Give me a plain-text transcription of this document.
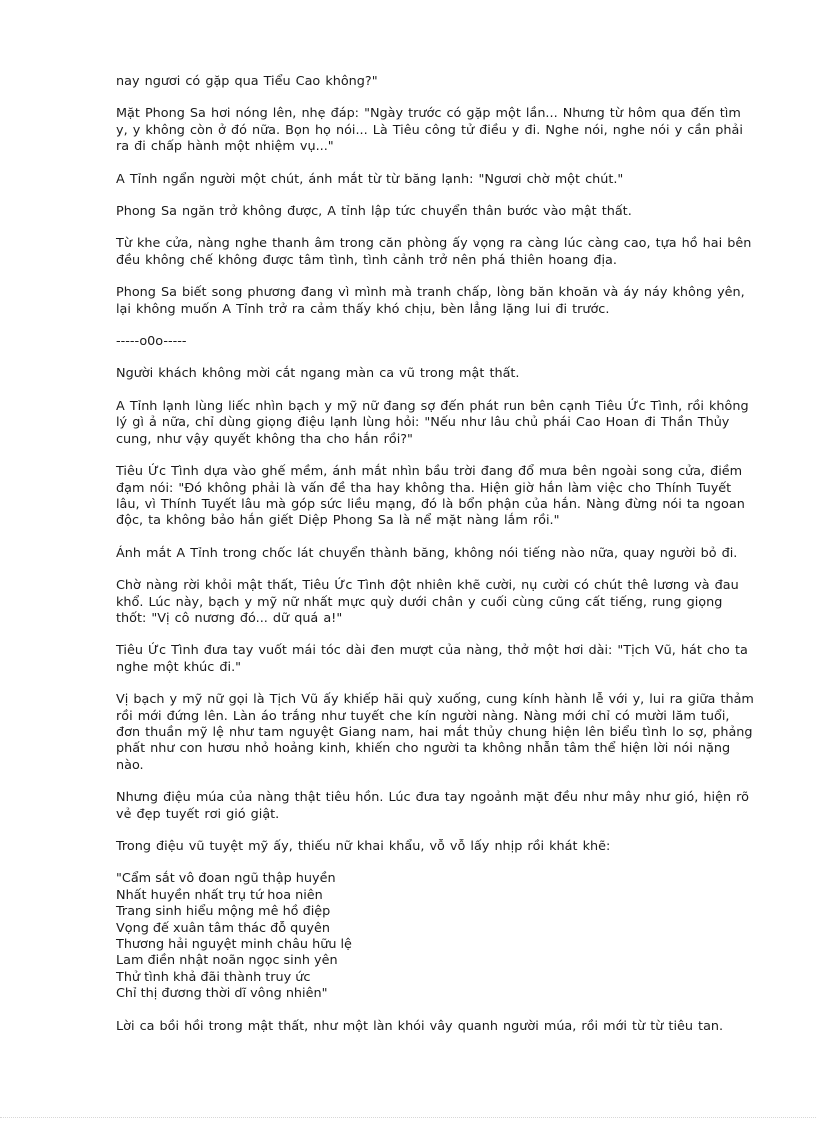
nay ngươi có gặp qua Tiểu Cao không?"

Mặt Phong Sa hơi nóng lên, nhẹ đáp: "Ngày trước có gặp một lần... Nhưng từ hôm qua đến tìm y, y không còn ở đó nữa. Bọn họ nói... Là Tiêu công tử điều y đi. Nghe nói, nghe nói y cần phải ra đi chấp hành một nhiệm vụ..."

A Tỉnh ngẩn người một chút, ánh mắt từ từ băng lạnh: "Ngươi chờ một chút."

Phong Sa ngăn trở không được, A tỉnh lập tức chuyển thân bước vào mật thất.

Từ khe cửa, nàng nghe thanh âm trong căn phòng ấy vọng ra càng lúc càng cao, tựa hồ hai bên đều không chế không được tâm tình, tình cảnh trở nên phá thiên hoang địa.

Phong Sa biết song phương đang vì mình mà tranh chấp, lòng băn khoăn và áy náy không yên, lại không muốn A Tỉnh trở ra cảm thấy khó chịu, bèn lẳng lặng lui đi trước.

-----o0o-----

Người khách không mời cắt ngang màn ca vũ trong mật thất.

A Tỉnh lạnh lùng liếc nhìn bạch y mỹ nữ đang sợ đến phát run bên cạnh Tiêu Ức Tình, rồi không lý gì ả nữa, chỉ dùng giọng điệu lạnh lùng hỏi: "Nếu như lâu chủ phái Cao Hoan đi Thần Thủy cung, như vậy quyết không tha cho hắn rồi?"

Tiêu Ức Tình dựa vào ghế mềm, ánh mắt nhìn bầu trời đang đổ mưa bên ngoài song cửa, điềm đạm nói: "Đó không phải là vấn đề tha hay không tha. Hiện giờ hắn làm việc cho Thính Tuyết lâu, vì Thính Tuyết lâu mà góp sức liều mạng, đó là bổn phận của hắn. Nàng đừng nói ta ngoan độc, ta không bảo hắn giết Diệp Phong Sa là nể mặt nàng lắm rồi."

Ánh mắt A Tỉnh trong chốc lát chuyển thành băng, không nói tiếng nào nữa, quay người bỏ đi.

Chờ nàng rời khỏi mật thất, Tiêu Ức Tình đột nhiên khẽ cười, nụ cười có chút thê lương và đau khổ. Lúc này, bạch y mỹ nữ nhất mực quỳ dưới chân y cuối cùng cũng cất tiếng, rung giọng thốt: "Vị cô nương đó... dữ quá a!"

Tiêu Ức Tình đưa tay vuốt mái tóc dài đen mượt của nàng, thở một hơi dài: "Tịch Vũ, hát cho ta nghe một khúc đi."

Vị bạch y mỹ nữ gọi là Tịch Vũ ấy khiếp hãi quỳ xuống, cung kính hành lễ với y, lui ra giữa thảm rồi mới đứng lên. Làn áo trắng như tuyết che kín người nàng. Nàng mới chỉ có mười lăm tuổi, đơn thuần mỹ lệ như tam nguyệt Giang nam, hai mắt thủy chung hiện lên biểu tình lo sợ, phảng phất như con hươu nhỏ hoảng kinh, khiến cho người ta không nhẫn tâm thể hiện lời nói nặng nào.

Nhưng điệu múa của nàng thật tiêu hồn. Lúc đưa tay ngoảnh mặt đều như mây như gió, hiện rõ vẻ đẹp tuyết rơi gió giật.

Trong điệu vũ tuyệt mỹ ấy, thiếu nữ khai khẩu, vỗ vỗ lấy nhịp rồi khát khẽ:

"Cẩm sắt vô đoan ngũ thập huyền
Nhất huyền nhất trụ tứ hoa niên
Trang sinh hiểu mộng mê hồ điệp
Vọng đế xuân tâm thác đỗ quyên
Thương hải nguyệt minh châu hữu lệ
Lam điền nhật noãn ngọc sinh yên
Thử tình khả đãi thành truy ức
Chỉ thị đương thời dĩ vông nhiên"

Lời ca bồi hồi trong mật thất, như một làn khói vây quanh người múa, rồi mới từ từ tiêu tan.
